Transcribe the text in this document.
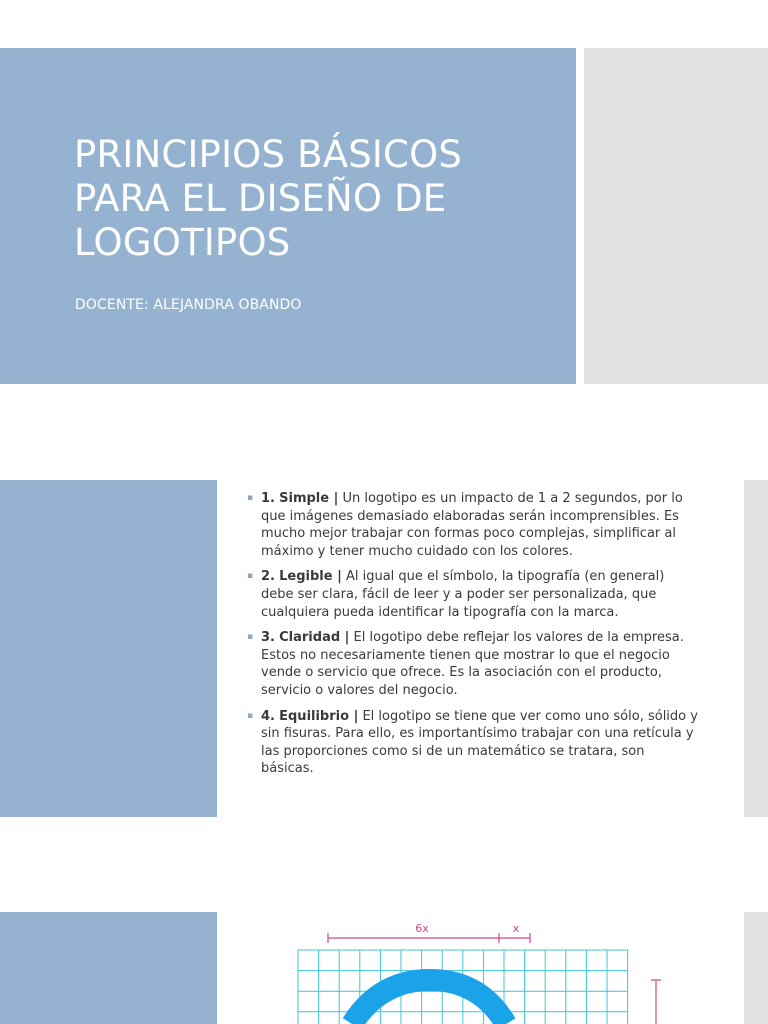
PRINCIPIOS BÁSICOS
PARA EL DISEÑO DE
LOGOTIPOS
DOCENTE: ALEJANDRA OBANDO
▪ 1. Simple | Un logotipo es un impacto de 1 a 2 segundos, por lo que imágenes demasiado elaboradas serán incomprensibles. Es mucho mejor trabajar con formas poco complejas, simplificar al máximo y tener mucho cuidado con los colores.
▪ 2. Legible | Al igual que el símbolo, la tipografía (en general) debe ser clara, fácil de leer y a poder ser personalizada, que cualquiera pueda identificar la tipografía con la marca.
▪ 3. Claridad | El logotipo debe reflejar los valores de la empresa. Estos no necesariamente tienen que mostrar lo que el negocio vende o servicio que ofrece. Es la asociación con el producto, servicio o valores del negocio.
▪ 4. Equilibrio | El logotipo se tiene que ver como uno sólo, sólido y sin fisuras. Para ello, es importantísimo trabajar con una retícula y las proporciones como si de un matemático se tratara, son básicas.
6x	x
